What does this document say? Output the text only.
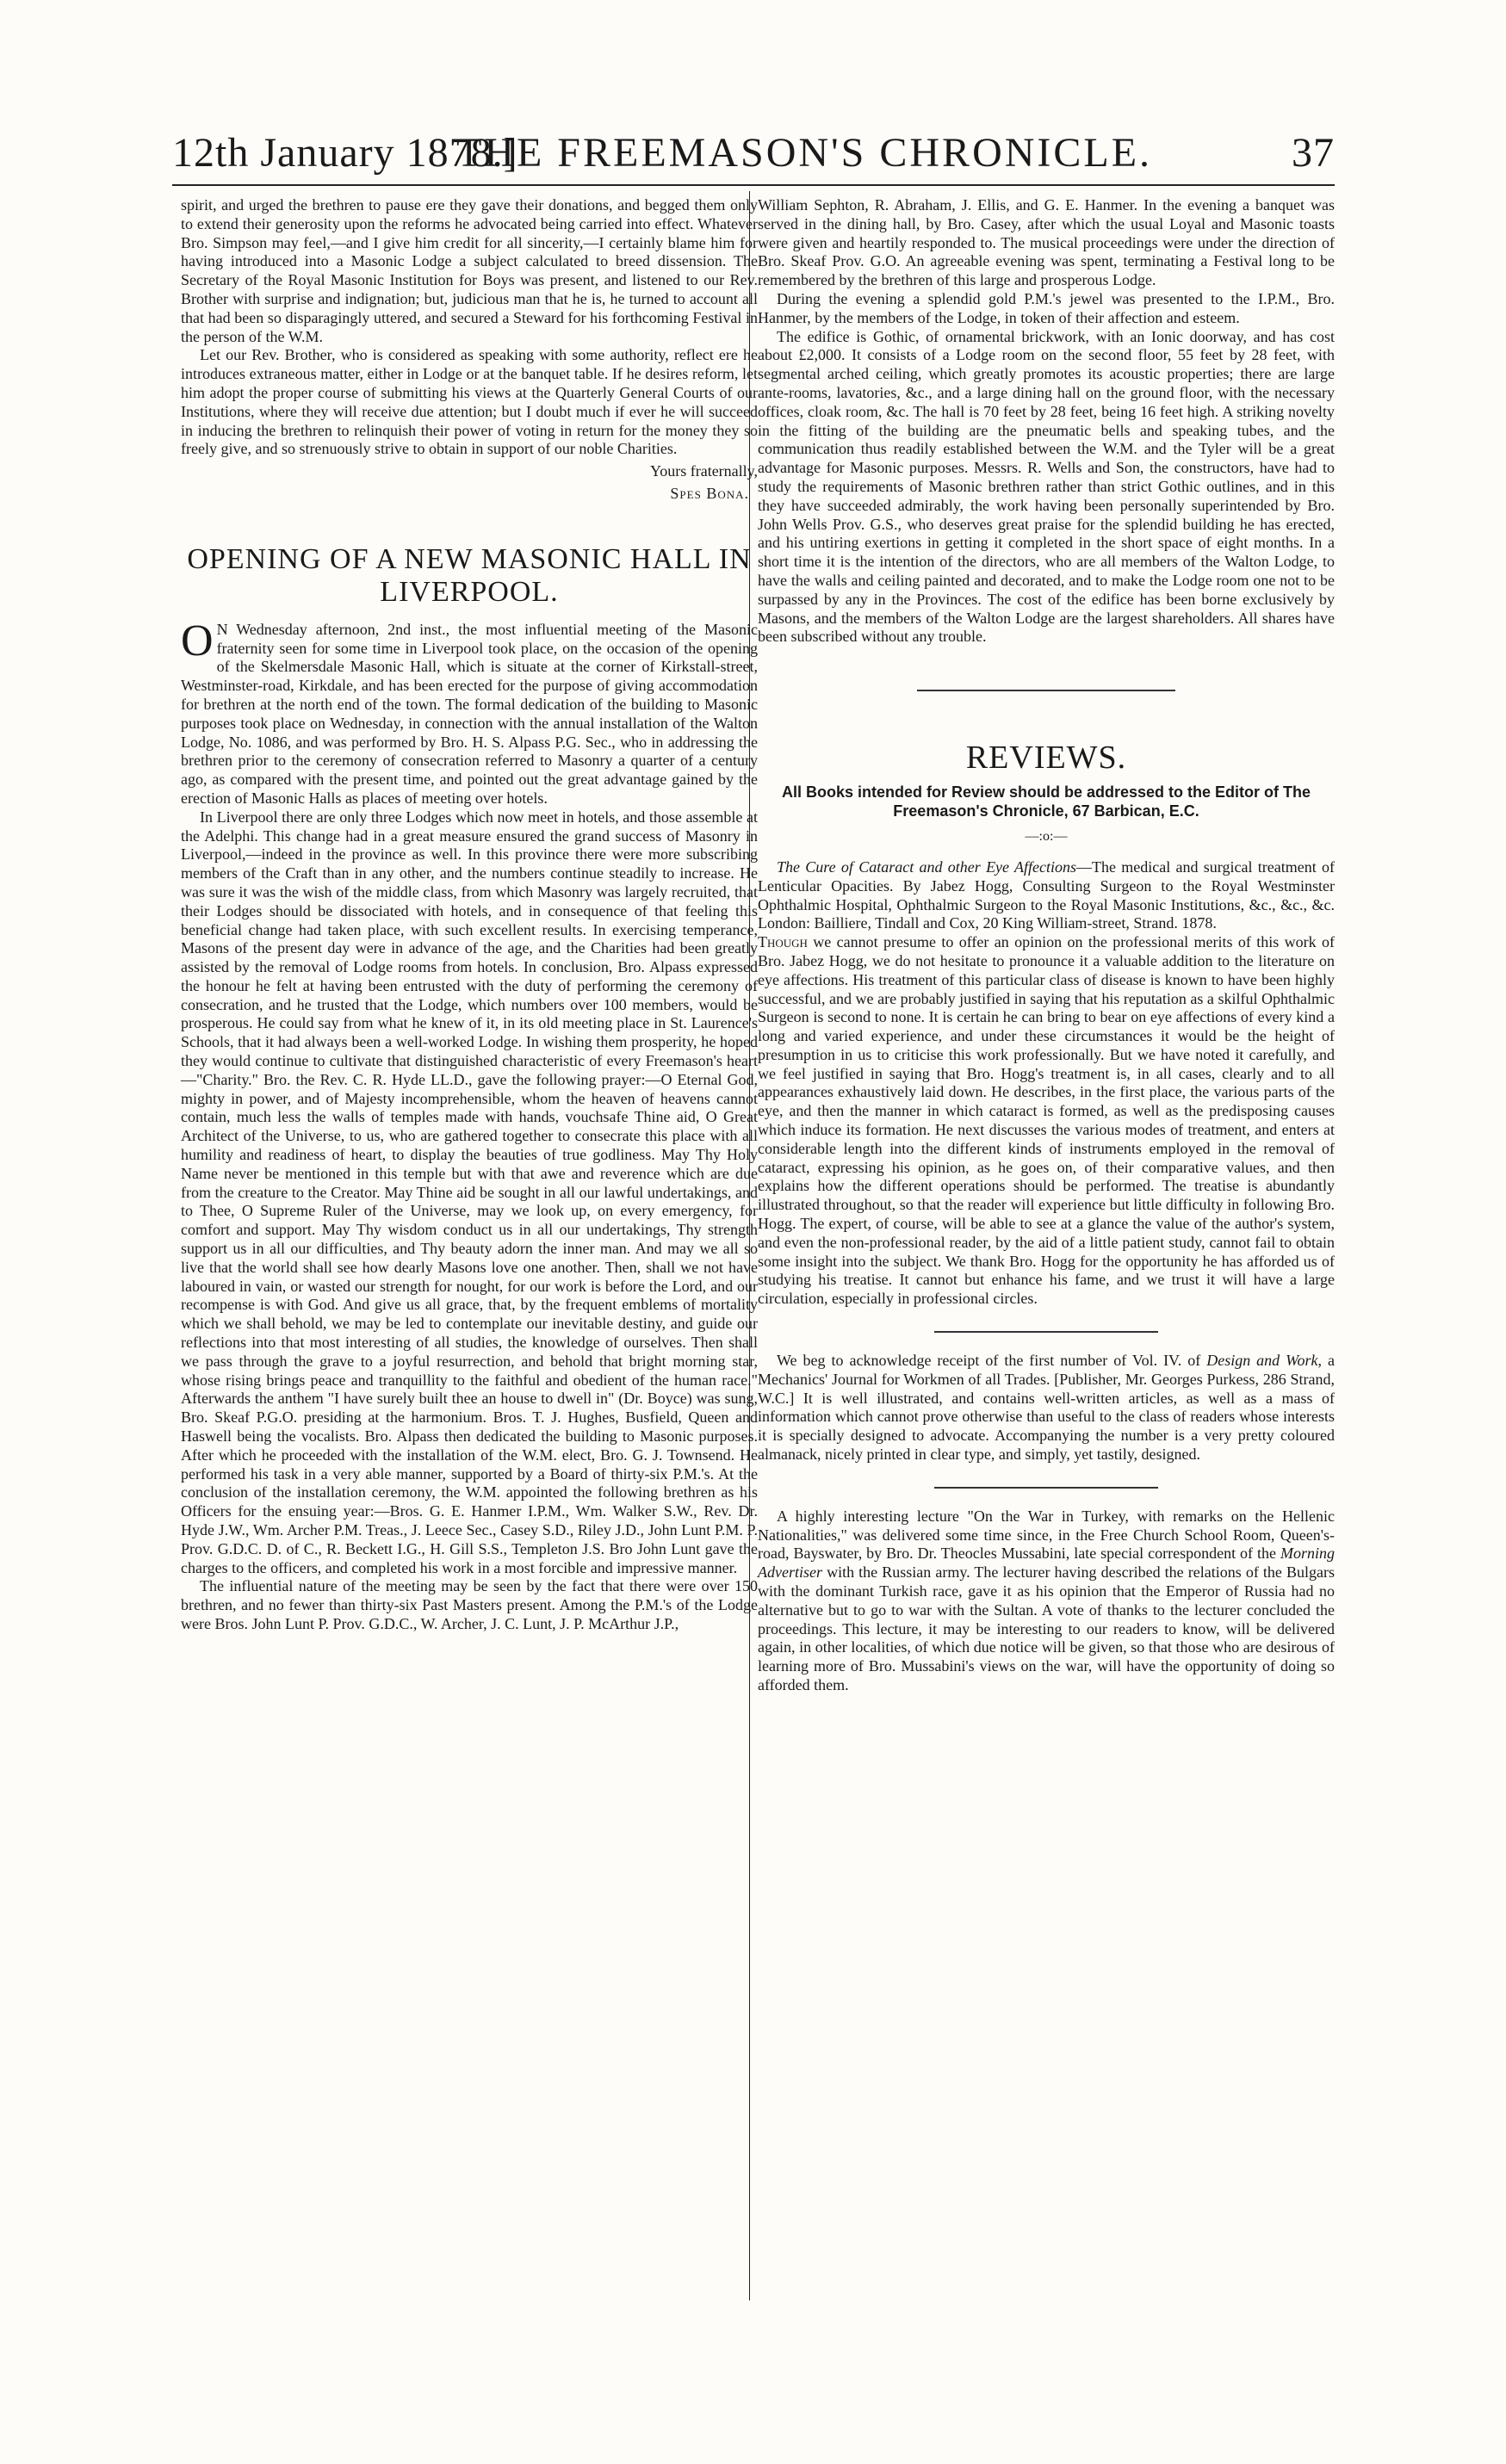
12th January 1878.]
THE FREEMASON'S CHRONICLE.	37

spirit, and urged the brethren to pause ere they gave their donations, and begged them only to extend their generosity upon the reforms he advocated being carried into effect. Whatever Bro. Simpson may feel,—and I give him credit for all sincerity,—I certainly blame him for having introduced into a Masonic Lodge a subject calculated to breed dissension. The Secretary of the Royal Masonic Institution for Boys was present, and listened to our Rev. Brother with surprise and indignation; but, judicious man that he is, he turned to account all that had been so disparagingly uttered, and secured a Steward for his forthcoming Festival in the person of the W.M.

Let our Rev. Brother, who is considered as speaking with some authority, reflect ere he introduces extraneous matter, either in Lodge or at the banquet table. If he desires reform, let him adopt the proper course of submitting his views at the Quarterly General Courts of our Institutions, where they will receive due attention; but I doubt much if ever he will succeed in inducing the brethren to relinquish their power of voting in return for the money they so freely give, and so strenuously strive to obtain in support of our noble Charities.

Yours fraternally,
Spes Bona.
OPENING OF A NEW MASONIC HALL IN LIVERPOOL.

O N Wednesday afternoon, 2nd inst., the most influential meeting of the Masonic fraternity seen for some time in Liverpool took place, on the occasion of the opening of the Skelmersdale Masonic Hall, which is situate at the corner of Kirkstall-street, Westminster-road, Kirkdale, and has been erected for the purpose of giving accommodation for brethren at the north end of the town. The formal dedication of the building to Masonic purposes took place on Wednesday, in connection with the annual installation of the Walton Lodge, No. 1086, and was performed by Bro. H. S. Alpass P.G. Sec., who in addressing the brethren prior to the ceremony of consecration referred to Masonry a quarter of a century ago, as compared with the present time, and pointed out the great advantage gained by the erection of Masonic Halls as places of meeting over hotels.

In Liverpool there are only three Lodges which now meet in hotels, and those assemble at the Adelphi. This change had in a great measure ensured the grand success of Masonry in Liverpool,—indeed in the province as well. In this province there were more subscribing members of the Craft than in any other, and the numbers continue steadily to increase. He was sure it was the wish of the middle class, from which Masonry was largely recruited, that their Lodges should be dissociated with hotels, and in consequence of that feeling this beneficial change had taken place, with such excellent results. In exercising temperance, Masons of the present day were in advance of the age, and the Charities had been greatly assisted by the removal of Lodge rooms from hotels. In conclusion, Bro. Alpass expressed the honour he felt at having been entrusted with the duty of performing the ceremony of consecration, and he trusted that the Lodge, which numbers over 100 members, would be prosperous. He could say from what he knew of it, in its old meeting place in St. Laurence's Schools, that it had always been a well-worked Lodge. In wishing them prosperity, he hoped they would continue to cultivate that distinguished characteristic of every Freemason's heart—"Charity." Bro. the Rev. C. R. Hyde LL.D., gave the following prayer:—O Eternal God, mighty in power, and of Majesty incomprehensible, whom the heaven of heavens cannot contain, much less the walls of temples made with hands, vouchsafe Thine aid, O Great Architect of the Universe, to us, who are gathered together to consecrate this place with all humility and readiness of heart, to display the beauties of true godliness. May Thy Holy Name never be mentioned in this temple but with that awe and reverence which are due from the creature to the Creator. May Thine aid be sought in all our lawful undertakings, and to Thee, O Supreme Ruler of the Universe, may we look up, on every emergency, for comfort and support. May Thy wisdom conduct us in all our undertakings, Thy strength support us in all our difficulties, and Thy beauty adorn the inner man. And may we all so live that the world shall see how dearly Masons love one another. Then, shall we not have laboured in vain, or wasted our strength for nought, for our work is before the Lord, and our recompense is with God. And give us all grace, that, by the frequent emblems of mortality which we shall behold, we may be led to contemplate our inevitable destiny, and guide our reflections into that most interesting of all studies, the knowledge of ourselves. Then shall we pass through the grave to a joyful resurrection, and behold that bright morning star, whose rising brings peace and tranquillity to the faithful and obedient of the human race." Afterwards the anthem "I have surely built thee an house to dwell in" (Dr. Boyce) was sung, Bro. Skeaf P.G.O. presiding at the harmonium. Bros. T. J. Hughes, Busfield, Queen and Haswell being the vocalists. Bro. Alpass then dedicated the building to Masonic purposes. After which he proceeded with the installation of the W.M. elect, Bro. G. J. Townsend. He performed his task in a very able manner, supported by a Board of thirty-six P.M.'s. At the conclusion of the installation ceremony, the W.M. appointed the following brethren as his Officers for the ensuing year:—Bros. G. E. Hanmer I.P.M., Wm. Walker S.W., Rev. Dr. Hyde J.W., Wm. Archer P.M. Treas., J. Leece Sec., Casey S.D., Riley J.D., John Lunt P.M. P. Prov. G.D.C. D. of C., R. Beckett I.G., H. Gill S.S., Templeton J.S. Bro John Lunt gave the charges to the officers, and completed his work in a most forcible and impressive manner.

The influential nature of the meeting may be seen by the fact that there were over 150 brethren, and no fewer than thirty-six Past Masters present. Among the P.M.'s of the Lodge were Bros. John Lunt P. Prov. G.D.C., W. Archer, J. C. Lunt, J. P. McArthur J.P.,

William Sephton, R. Abraham, J. Ellis, and G. E. Hanmer. In the evening a banquet was served in the dining hall, by Bro. Casey, after which the usual Loyal and Masonic toasts were given and heartily responded to. The musical proceedings were under the direction of Bro. Skeaf Prov. G.O. An agreeable evening was spent, terminating a Festival long to be remembered by the brethren of this large and prosperous Lodge.

During the evening a splendid gold P.M.'s jewel was presented to the I.P.M., Bro. Hanmer, by the members of the Lodge, in token of their affection and esteem.

The edifice is Gothic, of ornamental brickwork, with an Ionic doorway, and has cost about £2,000. It consists of a Lodge room on the second floor, 55 feet by 28 feet, with segmental arched ceiling, which greatly promotes its acoustic properties; there are large ante-rooms, lavatories, &c., and a large dining hall on the ground floor, with the necessary offices, cloak room, &c. The hall is 70 feet by 28 feet, being 16 feet high. A striking novelty in the fitting of the building are the pneumatic bells and speaking tubes, and the communication thus readily established between the W.M. and the Tyler will be a great advantage for Masonic purposes. Messrs. R. Wells and Son, the constructors, have had to study the requirements of Masonic brethren rather than strict Gothic outlines, and in this they have succeeded admirably, the work having been personally superintended by Bro. John Wells Prov. G.S., who deserves great praise for the splendid building he has erected, and his untiring exertions in getting it completed in the short space of eight months. In a short time it is the intention of the directors, who are all members of the Walton Lodge, to have the walls and ceiling painted and decorated, and to make the Lodge room one not to be surpassed by any in the Provinces. The cost of the edifice has been borne exclusively by Masons, and the members of the Walton Lodge are the largest shareholders. All shares have been subscribed without any trouble.

REVIEWS.
All Books intended for Review should be addressed to the Editor of The Freemason's Chronicle, 67 Barbican, E.C.
—:o:—

The Cure of Cataract and other Eye Affections—The medical and surgical treatment of Lenticular Opacities. By Jabez Hogg, Consulting Surgeon to the Royal Westminster Ophthalmic Hospital, Ophthalmic Surgeon to the Royal Masonic Institutions, &c., &c., &c. London: Bailliere, Tindall and Cox, 20 King William-street, Strand. 1878.

Though we cannot presume to offer an opinion on the professional merits of this work of Bro. Jabez Hogg, we do not hesitate to pronounce it a valuable addition to the literature on eye affections. His treatment of this particular class of disease is known to have been highly successful, and we are probably justified in saying that his reputation as a skilful Ophthalmic Surgeon is second to none. It is certain he can bring to bear on eye affections of every kind a long and varied experience, and under these circumstances it would be the height of presumption in us to criticise this work professionally. But we have noted it carefully, and we feel justified in saying that Bro. Hogg's treatment is, in all cases, clearly and to all appearances exhaustively laid down. He describes, in the first place, the various parts of the eye, and then the manner in which cataract is formed, as well as the predisposing causes which induce its formation. He next discusses the various modes of treatment, and enters at considerable length into the different kinds of instruments employed in the removal of cataract, expressing his opinion, as he goes on, of their comparative values, and then explains how the different operations should be performed. The treatise is abundantly illustrated throughout, so that the reader will experience but little difficulty in following Bro. Hogg. The expert, of course, will be able to see at a glance the value of the author's system, and even the non-professional reader, by the aid of a little patient study, cannot fail to obtain some insight into the subject. We thank Bro. Hogg for the opportunity he has afforded us of studying his treatise. It cannot but enhance his fame, and we trust it will have a large circulation, especially in professional circles.

We beg to acknowledge receipt of the first number of Vol. IV. of Design and Work, a Mechanics' Journal for Workmen of all Trades. [Publisher, Mr. Georges Purkess, 286 Strand, W.C.] It is well illustrated, and contains well-written articles, as well as a mass of information which cannot prove otherwise than useful to the class of readers whose interests it is specially designed to advocate. Accompanying the number is a very pretty coloured almanack, nicely printed in clear type, and simply, yet tastily, designed.

A highly interesting lecture "On the War in Turkey, with remarks on the Hellenic Nationalities," was delivered some time since, in the Free Church School Room, Queen's-road, Bayswater, by Bro. Dr. Theocles Mussabini, late special correspondent of the Morning Advertiser with the Russian army. The lecturer having described the relations of the Bulgars with the dominant Turkish race, gave it as his opinion that the Emperor of Russia had no alternative but to go to war with the Sultan. A vote of thanks to the lecturer concluded the proceedings. This lecture, it may be interesting to our readers to know, will be delivered again, in other localities, of which due notice will be given, so that those who are desirous of learning more of Bro. Mussabini's views on the war, will have the opportunity of doing so afforded them.
